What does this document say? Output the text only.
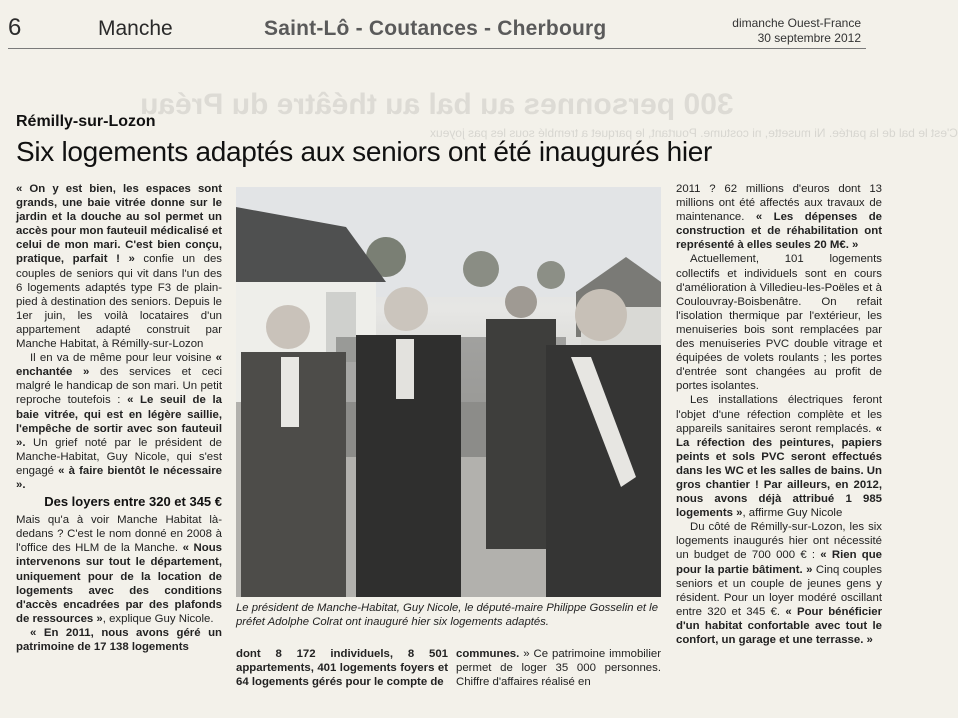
6	Manche	Saint-Lô - Coutances - Cherbourg	dimanche Ouest-France
30 septembre 2012
300 personnes au bal au théâtre du Préau
C'est le bal de la partée. Ni musette, ni costume. Pourtant, le parquet a tremblé sous les pas joyeux
Rémilly-sur-Lozon
Six logements adaptés aux seniors ont été inaugurés hier

« On y est bien, les espaces sont grands, une baie vitrée donne sur le jardin et la douche au sol permet un accès pour mon fauteuil médicalisé et celui de mon mari. C'est bien conçu, pratique, parfait ! » confie un des couples de seniors qui vit dans l'un des 6 logements adaptés type F3 de plain-pied à destination des seniors. Depuis le 1er juin, les voilà locataires d'un appartement adapté construit par Manche Habitat, à Rémilly-sur-Lozon

Il en va de même pour leur voisine « enchantée » des services et ceci malgré le handicap de son mari. Un petit reproche toutefois : « Le seuil de la baie vitrée, qui est en légère saillie, l'empêche de sortir avec son fauteuil ». Un grief noté par le président de Manche-Habitat, Guy Nicole, qui s'est engagé « à faire bientôt le nécessaire ».

Des loyers entre 320 et 345 €

Mais qu'a à voir Manche Habitat là-dedans ? C'est le nom donné en 2008 à l'office des HLM de la Manche. « Nous intervenons sur tout le département, uniquement pour de la location de logements avec des conditions d'accès encadrées par des plafonds de ressources », explique Guy Nicole.

« En 2011, nous avons géré un patrimoine de 17 138 logements

Le président de Manche-Habitat, Guy Nicole, le député-maire Philippe Gosselin et le préfet Adolphe Colrat ont inauguré hier six logements adaptés.

dont 8 172 individuels, 8 501 appartements, 401 logements foyers et 64 logements gérés pour le compte de

communes. » Ce patrimoine immobilier permet de loger 35 000 personnes. Chiffre d'affaires réalisé en

2011 ? 62 millions d'euros dont 13 millions ont été affectés aux travaux de maintenance. « Les dépenses de construction et de réhabilitation ont représenté à elles seules 20 M€. »

Actuellement, 101 logements collectifs et individuels sont en cours d'amélioration à Villedieu-les-Poëles et à Coulouvray-Boisbenâtre. On refait l'isolation thermique par l'extérieur, les menuiseries bois sont remplacées par des menuiseries PVC double vitrage et équipées de volets roulants ; les portes d'entrée sont changées au profit de portes isolantes.

Les installations électriques feront l'objet d'une réfection complète et les appareils sanitaires seront remplacés. « La réfection des peintures, papiers peints et sols PVC seront effectués dans les WC et les salles de bains. Un gros chantier ! Par ailleurs, en 2012, nous avons déjà attribué 1 985 logements », affirme Guy Nicole

Du côté de Rémilly-sur-Lozon, les six logements inaugurés hier ont nécessité un budget de 700 000 € : « Rien que pour la partie bâtiment. » Cinq couples seniors et un couple de jeunes gens y résident. Pour un loyer modéré oscillant entre 320 et 345 €. « Pour bénéficier d'un habitat confortable avec tout le confort, un garage et une terrasse. »
